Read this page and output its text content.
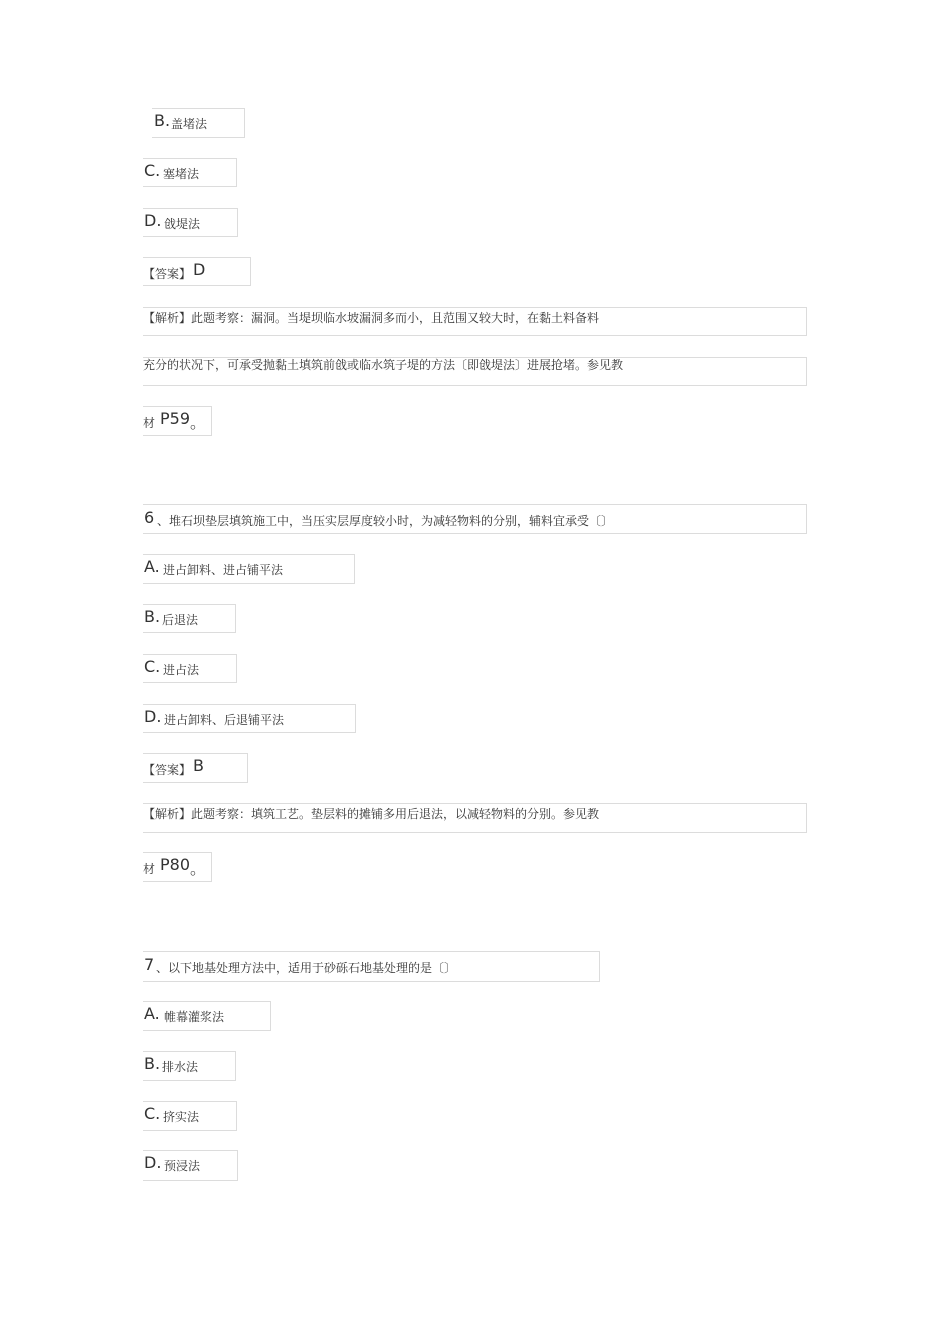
B. 盖堵法
C. 塞堵法
D. 戗堤法
【答案】 D
【解析】此题考察：漏洞。当堤坝临水坡漏洞多而小，且范围又较大时，在黏土料备料
充分的状况下，可承受抛黏土填筑前戗或临水筑子堤的方法〔即戗堤法〕进展抢堵。参见教
材 P59 。
6 、堆石坝垫层填筑施工中，当压实层厚度较小时，为减轻物料的分别，辅料宜承受〔〕
A. 进占卸料、进占铺平法
B. 后退法
C. 进占法
D. 进占卸料、后退铺平法
【答案】 B
【解析】此题考察：填筑工艺。垫层料的摊铺多用后退法，以减轻物料的分别。参见教
材 P80 。
7 、以下地基处理方法中，适用于砂砾石地基处理的是〔〕
A. 帷幕灌浆法
B. 排水法
C. 挤实法
D. 预浸法
